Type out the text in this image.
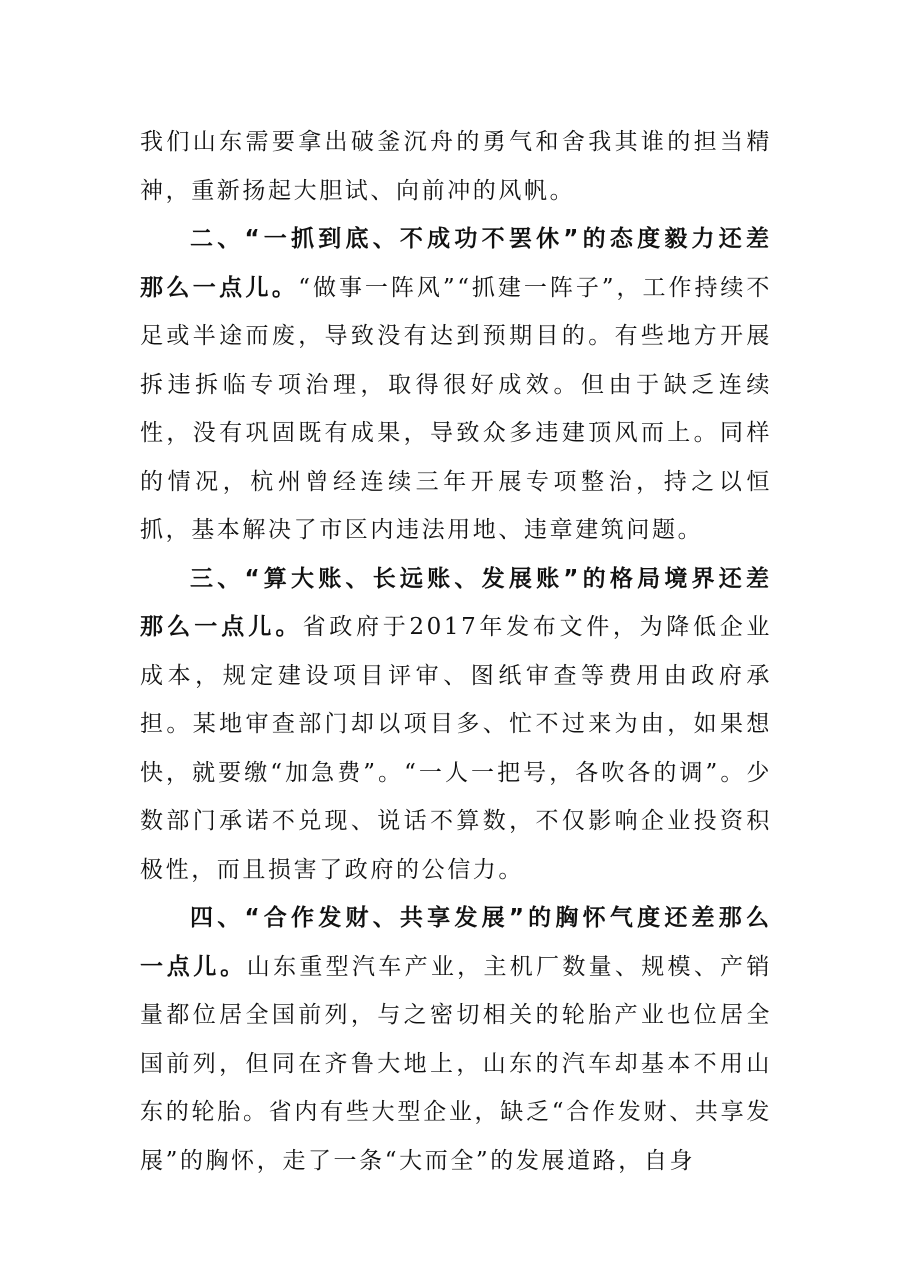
我们山东需要拿出破釜沉舟的勇气和舍我其谁的担当精神，重新扬起大胆试、向前冲的风帆。

二、“一抓到底、不成功不罢休”的态度毅力还差那么一点儿。“做事一阵风”“抓建一阵子”，工作持续不足或半途而废，导致没有达到预期目的。有些地方开展拆违拆临专项治理，取得很好成效。但由于缺乏连续性，没有巩固既有成果，导致众多违建顶风而上。同样的情况，杭州曾经连续三年开展专项整治，持之以恒抓，基本解决了市区内违法用地、违章建筑问题。

三、“算大账、长远账、发展账”的格局境界还差那么一点儿。省政府于2017年发布文件，为降低企业成本，规定建设项目评审、图纸审查等费用由政府承担。某地审查部门却以项目多、忙不过来为由，如果想快，就要缴“加急费”。“一人一把号，各吹各的调”。少数部门承诺不兑现、说话不算数，不仅影响企业投资积极性，而且损害了政府的公信力。

四、“合作发财、共享发展”的胸怀气度还差那么一点儿。山东重型汽车产业，主机厂数量、规模、产销量都位居全国前列，与之密切相关的轮胎产业也位居全国前列，但同在齐鲁大地上，山东的汽车却基本不用山东的轮胎。省内有些大型企业，缺乏“合作发财、共享发展”的胸怀，走了一条“大而全”的发展道路，自身
